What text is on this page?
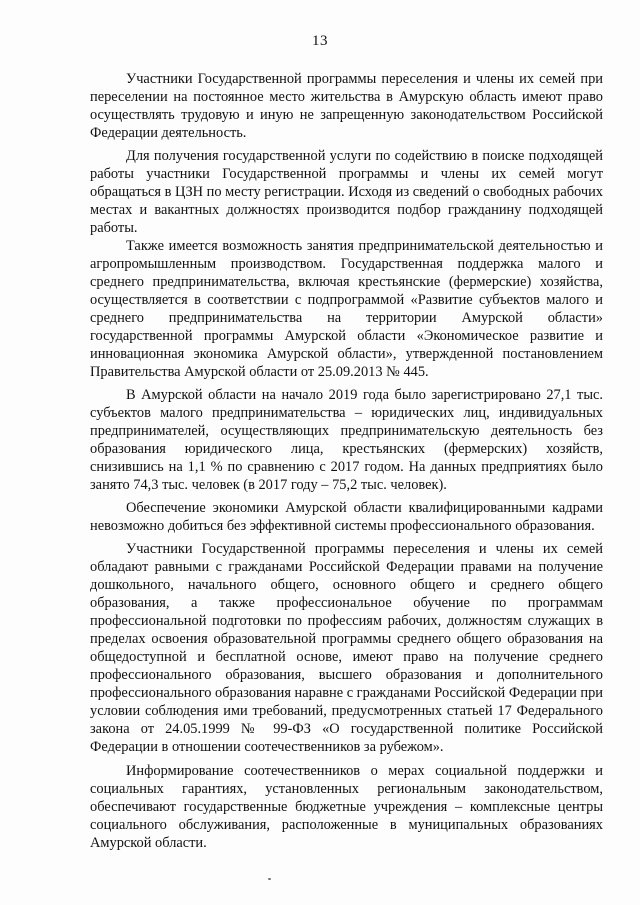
13

Участники Государственной программы переселения и члены их семей при переселении на постоянное место жительства в Амурскую область имеют право осуществлять трудовую и иную не запрещенную законодательством Российской Федерации деятельность.

Для получения государственной услуги по содействию в поиске подходящей работы участники Государственной программы и члены их семей могут обращаться в ЦЗН по месту регистрации. Исходя из сведений о свободных рабочих местах и вакантных должностях производится подбор гражданину подходящей работы.

Также имеется возможность занятия предпринимательской деятельностью и агропромышленным производством. Государственная поддержка малого и среднего предпринимательства, включая крестьянские (фермерские) хозяйства, осуществляется в соответствии с подпрограммой «Развитие субъектов малого и среднего предпринимательства на территории Амурской области» государственной программы Амурской области «Экономическое развитие и инновационная экономика Амурской области», утвержденной постановлением Правительства Амурской области от 25.09.2013 № 445.

В Амурской области на начало 2019 года было зарегистрировано 27,1 тыс. субъектов малого предпринимательства – юридических лиц, индивидуальных предпринимателей, осуществляющих предпринимательскую деятельность без образования юридического лица, крестьянских (фермерских) хозяйств, снизившись на 1,1 % по сравнению с 2017 годом. На данных предприятиях было занято 74,3 тыс. человек (в 2017 году – 75,2 тыс. человек).

Обеспечение экономики Амурской области квалифицированными кадрами невозможно добиться без эффективной системы профессионального образования.

Участники Государственной программы переселения и члены их семей обладают равными с гражданами Российской Федерации правами на получение дошкольного, начального общего, основного общего и среднего общего образования, а также профессиональное обучение по программам профессиональной подготовки по профессиям рабочих, должностям служащих в пределах освоения образовательной программы среднего общего образования на общедоступной и бесплатной основе, имеют право на получение среднего профессионального образования, высшего образования и дополнительного профессионального образования наравне с гражданами Российской Федерации при условии соблюдения ими требований, предусмотренных статьей 17 Федерального закона от 24.05.1999 № 99-ФЗ «О государственной политике Российской Федерации в отношении соотечественников за рубежом».

Информирование соотечественников о мерах социальной поддержки и социальных гарантиях, установленных региональным законодательством, обеспечивают государственные бюджетные учреждения – комплексные центры социального обслуживания, расположенные в муниципальных образованиях Амурской области.
